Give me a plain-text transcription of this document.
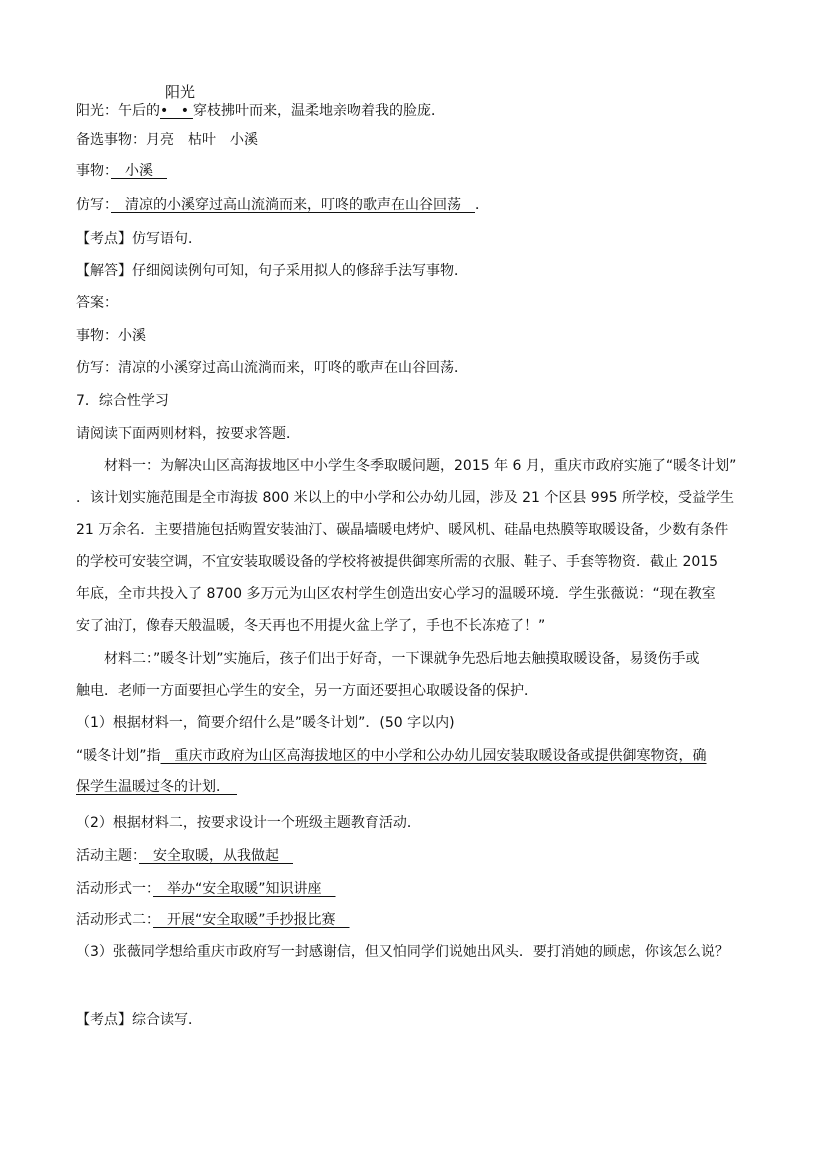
阳光
阳光：午后的• •穿枝拂叶而来，温柔地亲吻着我的脸庞．
备选事物：月亮　枯叶　小溪
事物：　小溪　
仿写：　清凉的小溪穿过高山流淌而来，叮咚的歌声在山谷回荡　．
【考点】仿写语句．
【解答】仔细阅读例句可知，句子采用拟人的修辞手法写事物．
答案：
事物：小溪
仿写：清凉的小溪穿过高山流淌而来，叮咚的歌声在山谷回荡．
7．综合性学习
请阅读下面两则材料，按要求答题．
材料一：为解决山区高海拔地区中小学生冬季取暖问题，2015 年 6 月，重庆市政府实施了“暖冬计划”
．该计划实施范围是全市海拔 800 米以上的中小学和公办幼儿园，涉及 21 个区县 995 所学校，受益学生
21 万余名．主要措施包括购置安装油汀、碳晶墙暖电烤炉、暖风机、硅晶电热膜等取暖设备，少数有条件
的学校可安装空调，不宜安装取暖设备的学校将被提供御寒所需的衣服、鞋子、手套等物资．截止 2015
年底，全市共投入了 8700 多万元为山区农村学生创造出安心学习的温暖环境．学生张薇说：“现在教室
安了油汀，像春天般温暖，冬天再也不用提火盆上学了，手也不长冻疮了！”
材料二：”暖冬计划”实施后，孩子们出于好奇，一下课就争先恐后地去触摸取暖设备，易烫伤手或
触电．老师一方面要担心学生的安全，另一方面还要担心取暖设备的保护．
（1）根据材料一，简要介绍什么是”暖冬计划”．(50 字以内)
“暖冬计划”指　重庆市政府为山区高海拔地区的中小学和公办幼儿园安装取暖设备或提供御寒物资，确
保学生温暖过冬的计划．　
（2）根据材料二，按要求设计一个班级主题教育活动．
活动主题：　安全取暖，从我做起　
活动形式一：　举办“安全取暖”知识讲座　
活动形式二：　开展“安全取暖”手抄报比赛　
（3）张薇同学想给重庆市政府写一封感谢信，但又怕同学们说她出风头．要打消她的顾虑，你该怎么说？
【考点】综合读写．
